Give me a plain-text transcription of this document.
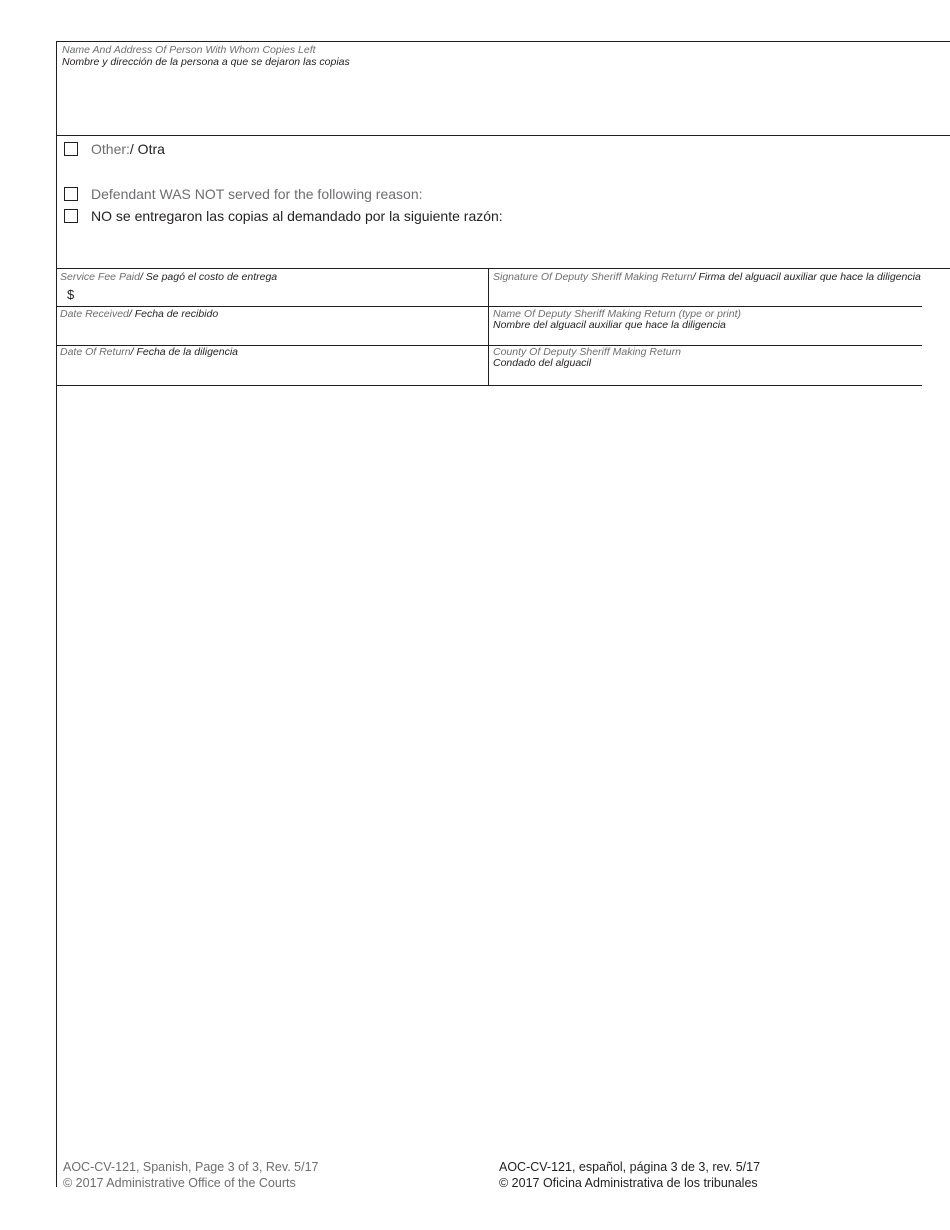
Name And Address Of Person With Whom Copies Left
Nombre y dirección de la persona a que se dejaron las copias
Other:/ Otra
Defendant WAS NOT served for the following reason:
NO se entregaron las copias al demandado por la siguiente razón:
Service Fee Paid/ Se pagó el costo de entrega
$
Signature Of Deputy Sheriff Making Return/ Firma del alguacil auxiliar que hace la diligencia
Date Received/ Fecha de recibido	Name Of Deputy Sheriff Making Return (type or print)
Nombre del alguacil auxiliar que hace la diligencia
Date Of Return/ Fecha de la diligencia	County Of Deputy Sheriff Making Return
Condado del alguacil
AOC-CV-121, Spanish, Page 3 of 3, Rev. 5/17
© 2017 Administrative Office of the Courts
AOC-CV-121, español, página 3 de 3, rev. 5/17
© 2017 Oficina Administrativa de los tribunales
